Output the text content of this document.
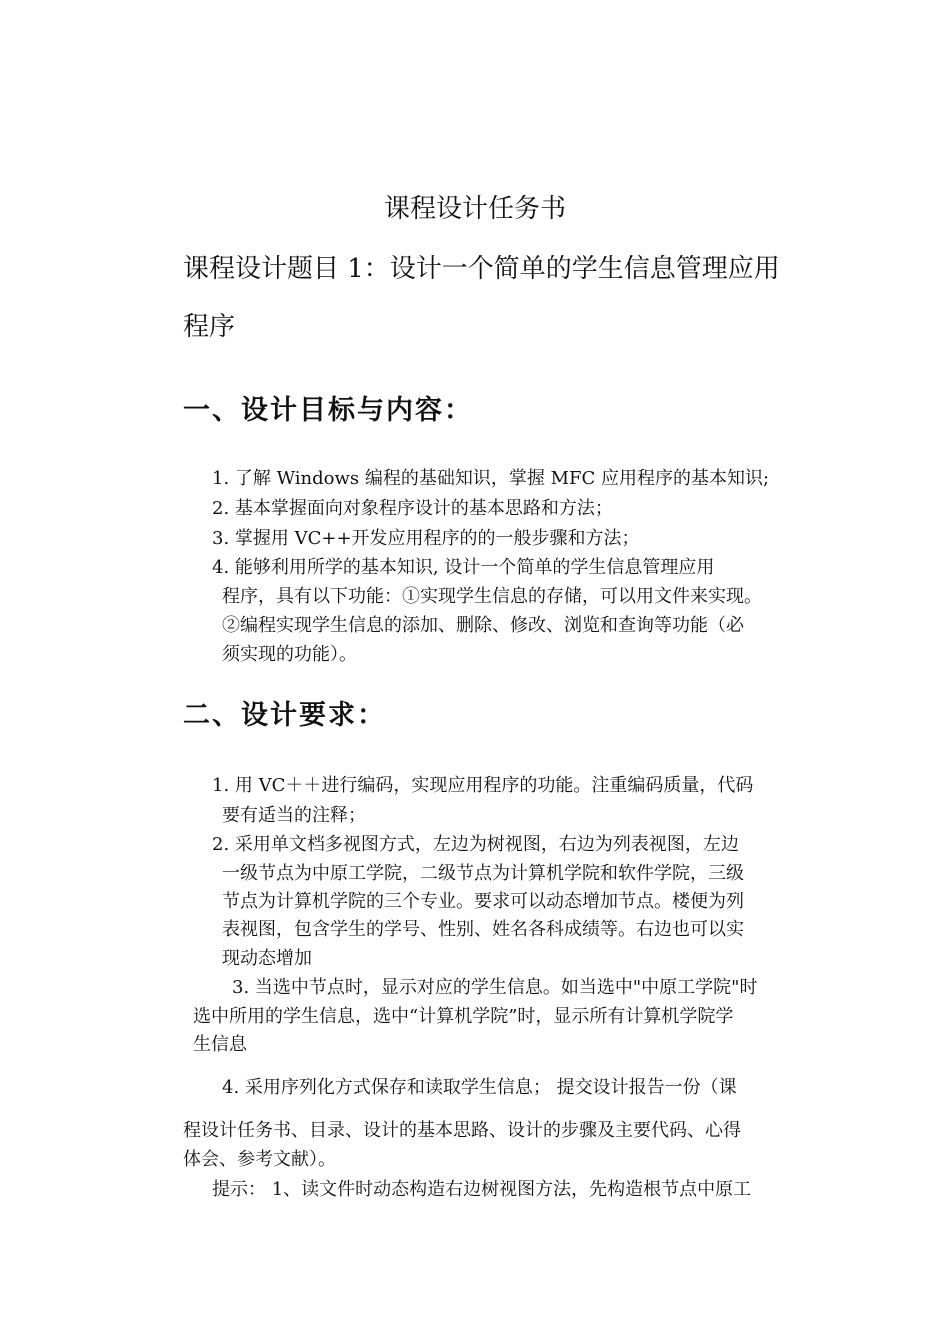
课程设计任务书
课程设计题目 1：设计一个简单的学生信息管理应用
程序
一、设计目标与内容：
1. 了解 Windows 编程的基础知识，掌握 MFC 应用程序的基本知识;
2. 基本掌握面向对象程序设计的基本思路和方法；
3. 掌握用 VC++开发应用程序的的一般步骤和方法；
4. 能够利用所学的基本知识, 设计一个简单的学生信息管理应用
程序，具有以下功能：①实现学生信息的存储，可以用文件来实现。
②编程实现学生信息的添加、删除、修改、浏览和查询等功能（必
须实现的功能）。
二、设计要求：
1. 用 VC＋＋进行编码，实现应用程序的功能。注重编码质量，代码
要有适当的注释；
2. 采用单文档多视图方式，左边为树视图，右边为列表视图，左边
一级节点为中原工学院，二级节点为计算机学院和软件学院，三级
节点为计算机学院的三个专业。要求可以动态增加节点。楼便为列
表视图，包含学生的学号、性别、姓名各科成绩等。右边也可以实
现动态增加
3. 当选中节点时，显示对应的学生信息。如当选中"中原工学院"时
选中所用的学生信息，选中“计算机学院”时，显示所有计算机学院学
生信息
4. 采用序列化方式保存和读取学生信息； 提交设计报告一份（课
程设计任务书、目录、设计的基本思路、设计的步骤及主要代码、心得
体会、参考文献）。
提示： 1、读文件时动态构造右边树视图方法，先构造根节点中原工
